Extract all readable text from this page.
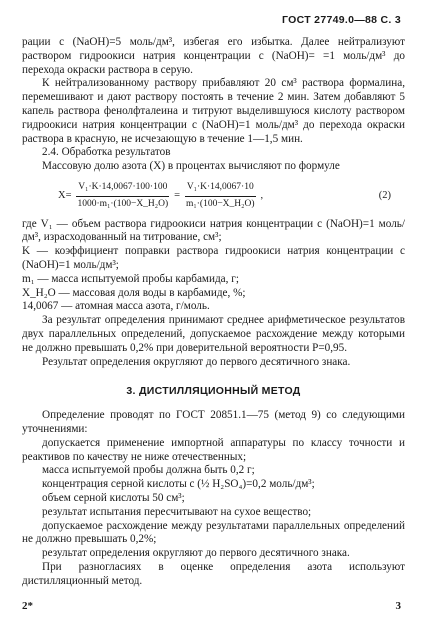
ГОСТ 27749.0—88 С. 3

рации с (NaOH)=5 моль/дм³, избегая его избытка. Далее нейтрализуют раствором гидроокиси натрия концентрации с (NaOH)= =1 моль/дм³ до перехода окраски раствора в серую.

К нейтрализованному раствору прибавляют 20 см³ раствора формалина, перемешивают и дают раствору постоять в течение 2 мин. Затем добавляют 5 капель раствора фенолфталеина и титруют выделившуюся кислоту раствором гидроокиси натрия концентрации с (NaOH)=1 моль/дм³ до перехода окраски раствора в красную, не исчезающую в течение 1—1,5 мин.

2.4. Обработка результатов

Массовую долю азота (X) в процентах вычисляют по формуле

$X= \frac{\text{V₁·K·14,0067·100·100}}{\text{1000·m₁·(100−X\_H₂O)}} = \frac{\text{V₁·K·14,0067·10}}{\text{m₁·(100−X\_H₂O)}}$ ,	(2)

где V₁ — объем раствора гидроокиси натрия концентрации с (NaOH)=1 моль/дм³, израсходованный на титрование, см³;

K — коэффициент поправки раствора гидроокиси натрия концентрации с (NaOH)=1 моль/дм³;

m₁ — масса испытуемой пробы карбамида, г;

X_H₂O — массовая доля воды в карбамиде, %;

14,0067 — атомная масса азота, г/моль.

За результат определения принимают среднее арифметическое результатов двух параллельных определений, допускаемое расхождение между которыми не должно превышать 0,2% при доверительной вероятности P=0,95.

Результат определения округляют до первого десятичного знака.

3. ДИСТИЛЛЯЦИОННЫЙ МЕТОД

Определение проводят по ГОСТ 20851.1—75 (метод 9) со следующими уточнениями:

допускается применение импортной аппаратуры по классу точности и реактивов по качеству не ниже отечественных;

масса испытуемой пробы должна быть 0,2 г;

концентрация серной кислоты с (½ H₂SO₄)=0,2 моль/дм³;

объем серной кислоты 50 см³;

результат испытания пересчитывают на сухое вещество;

допускаемое расхождение между результатами параллельных определений не должно превышать 0,2%;

результат определения округляют до первого десятичного знака.

При разногласиях в оценке определения азота используют дистилляционный метод.

2*	3
